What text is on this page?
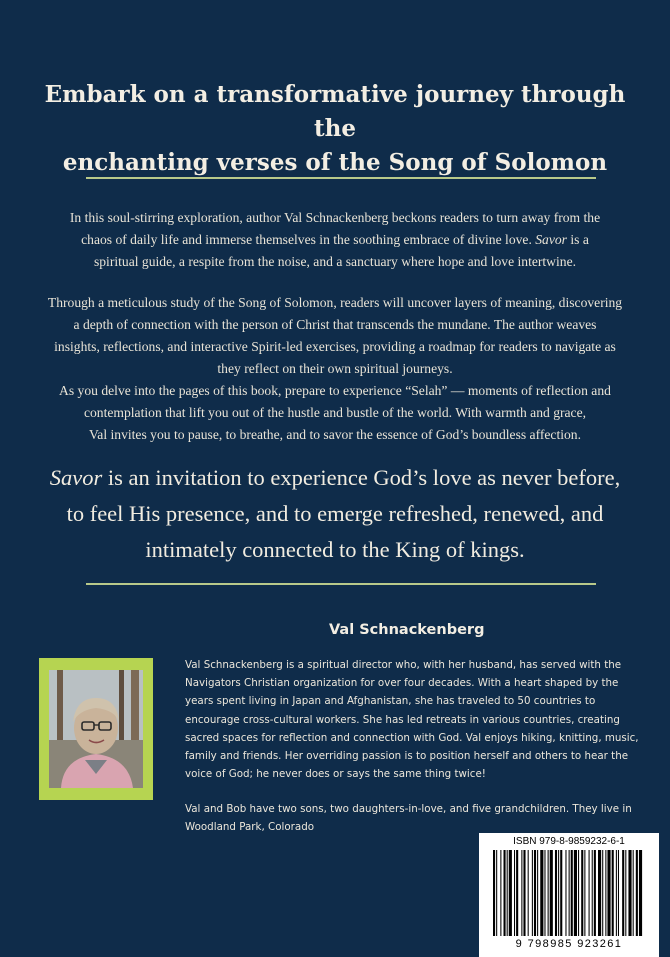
Embark on a transformative journey through the
enchanting verses of the Song of Solomon
In this soul-stirring exploration, author Val Schnackenberg beckons readers to turn away from the
chaos of daily life and immerse themselves in the soothing embrace of divine love. Savor is a
spiritual guide, a respite from the noise, and a sanctuary where hope and love intertwine.
Through a meticulous study of the Song of Solomon, readers will uncover layers of meaning, discovering
a depth of connection with the person of Christ that transcends the mundane. The author weaves
insights, reflections, and interactive Spirit-led exercises, providing a roadmap for readers to navigate as
they reflect on their own spiritual journeys.
As you delve into the pages of this book, prepare to experience “Selah” — moments of reflection and
contemplation that lift you out of the hustle and bustle of the world. With warmth and grace,
Val invites you to pause, to breathe, and to savor the essence of God’s boundless affection.
Savor is an invitation to experience God’s love as never before,
to feel His presence, and to emerge refreshed, renewed, and
intimately connected to the King of kings.
Val Schnackenberg
Val Schnackenberg is a spiritual director who, with her husband, has served with the Navigators Christian organization for over four decades. With a heart shaped by the years spent living in Japan and Afghanistan, she has traveled to 50 countries to encourage cross-cultural workers. She has led retreats in various countries, creating sacred spaces for reflection and connection with God. Val enjoys hiking, knitting, music, family and friends. Her overriding passion is to position herself and others to hear the voice of God; he never does or says the same thing twice!
Val and Bob have two sons, two daughters-in-love, and five grandchildren. They live in Woodland Park, Colorado
ISBN 979-8-9859232-6-1
9 798985 923261
